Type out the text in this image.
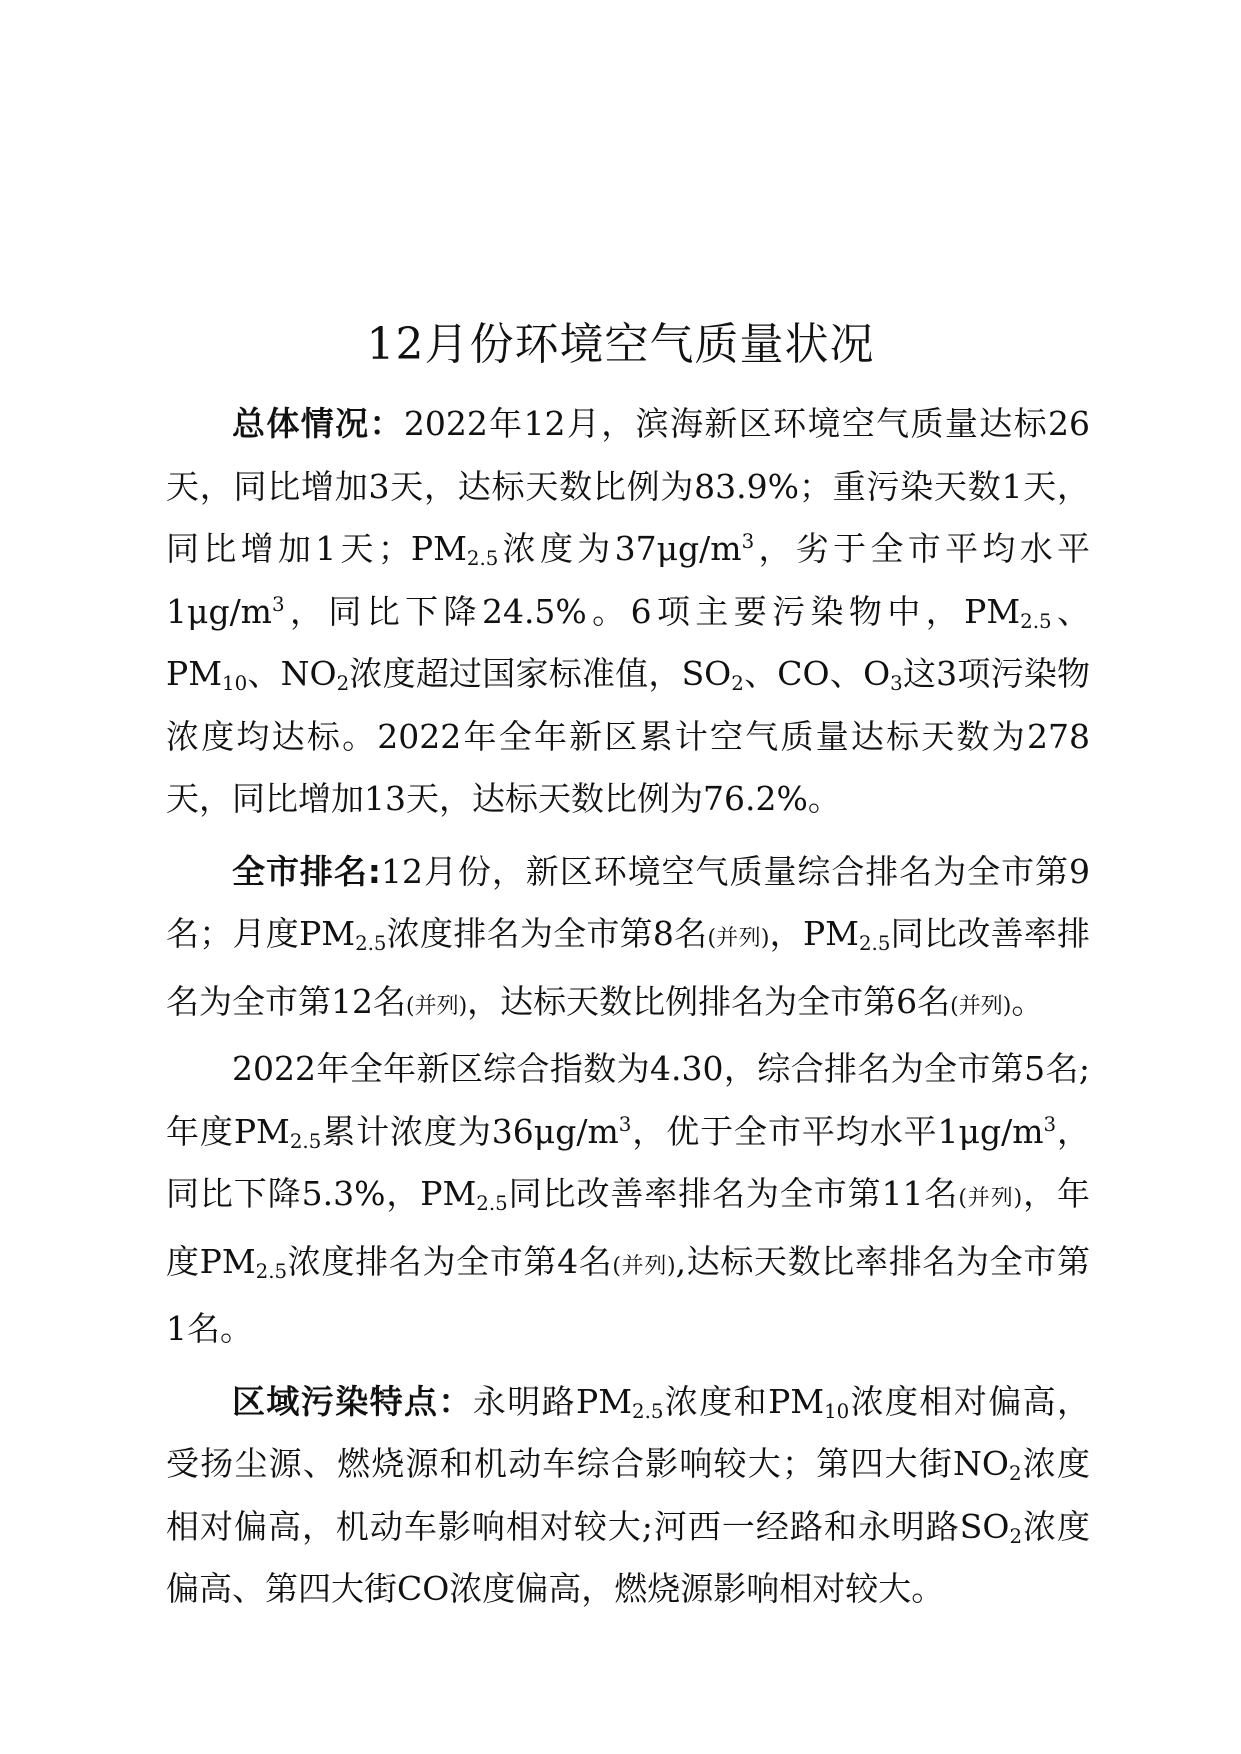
12月份环境空气质量状况

总体情况：2022年12月，滨海新区环境空气质量达标26天，同比增加3天，达标天数比例为83.9%；重污染天数1天，同比增加1天；$PM_{2.5}$浓度为$37\mu g/m^3$，劣于全市平均水平$1\mu g/m^3$，同比下降24.5%。6项主要污染物中，$PM_{2.5}$、$PM_{10}$、$NO_2$浓度超过国家标准值，$SO_2$、CO、$O_3$这3项污染物浓度均达标。2022年全年新区累计空气质量达标天数为278天，同比增加13天，达标天数比例为76.2%。

全市排名:12月份，新区环境空气质量综合排名为全市第9名；月度$PM_{2.5}$浓度排名为全市第8名(并列)，$PM_{2.5}$同比改善率排名为全市第12名(并列)，达标天数比例排名为全市第6名(并列)。

2022年全年新区综合指数为4.30，综合排名为全市第5名;年度$PM_{2.5}$累计浓度为$36\mu g/m^3$，优于全市平均水平$1\mu g/m^3$，同比下降5.3%，$PM_{2.5}$同比改善率排名为全市第11名(并列)，年度$PM_{2.5}$浓度排名为全市第4名(并列),达标天数比率排名为全市第1名。

区域污染特点：永明路$PM_{2.5}$浓度和$PM_{10}$浓度相对偏高，受扬尘源、燃烧源和机动车综合影响较大；第四大街$NO_2$浓度相对偏高，机动车影响相对较大;河西一经路和永明路$SO_2$浓度偏高、第四大街CO浓度偏高，燃烧源影响相对较大。
